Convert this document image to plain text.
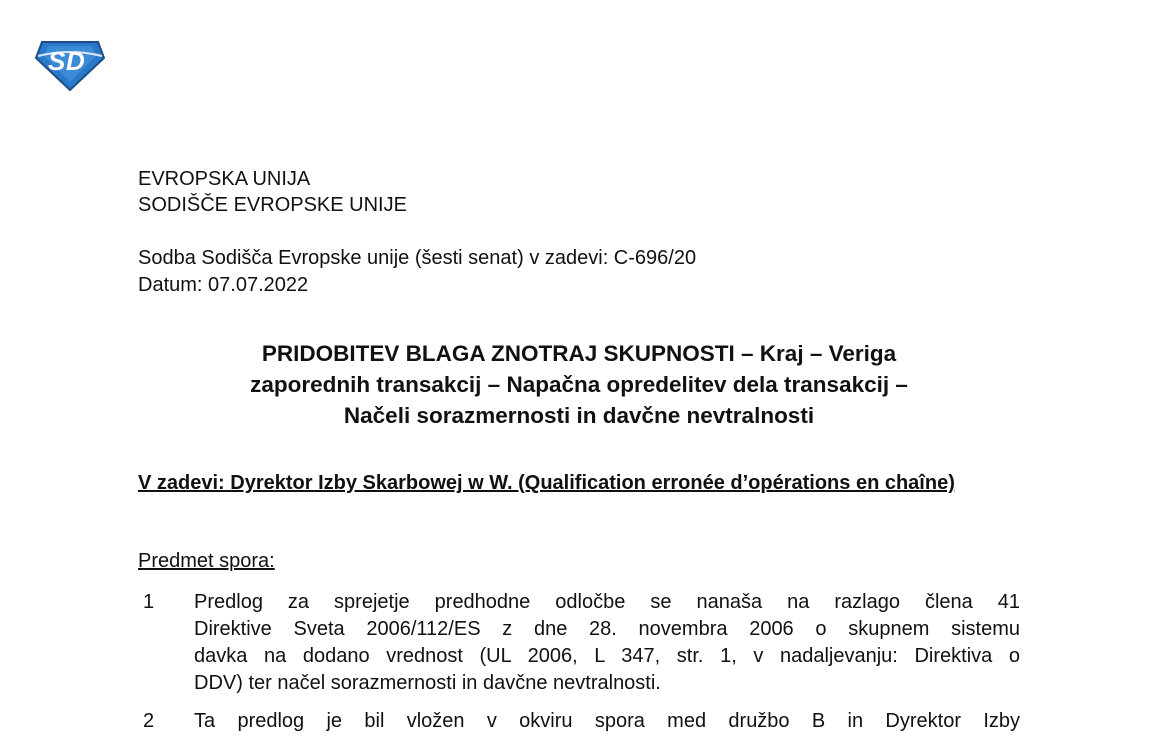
S D
EVROPSKA UNIJA
SODIŠČE EVROPSKE UNIJE
Sodba Sodišča Evropske unije (šesti senat) v zadevi: C-696/20
Datum: 07.07.2022
PRIDOBITEV BLAGA ZNOTRAJ SKUPNOSTI – Kraj – Veriga
zaporednih transakcij – Napačna opredelitev dela transakcij –
Načeli sorazmernosti in davčne nevtralnosti
V zadevi: Dyrektor Izby Skarbowej w W. (Qualification erronée d’opérations en chaîne)
Predmet spora:
1 Predlog za sprejetje predhodne odločbe se nanaša na razlago člena 41
Direktive Sveta 2006/112/ES z dne 28. novembra 2006 o skupnem sistemu
davka na dodano vrednost (UL 2006, L 347, str. 1, v nadaljevanju: Direktiva o
DDV) ter načel sorazmernosti in davčne nevtralnosti.
2 Ta predlog je bil vložen v okviru spora med družbo B in Dyrektor Izby
